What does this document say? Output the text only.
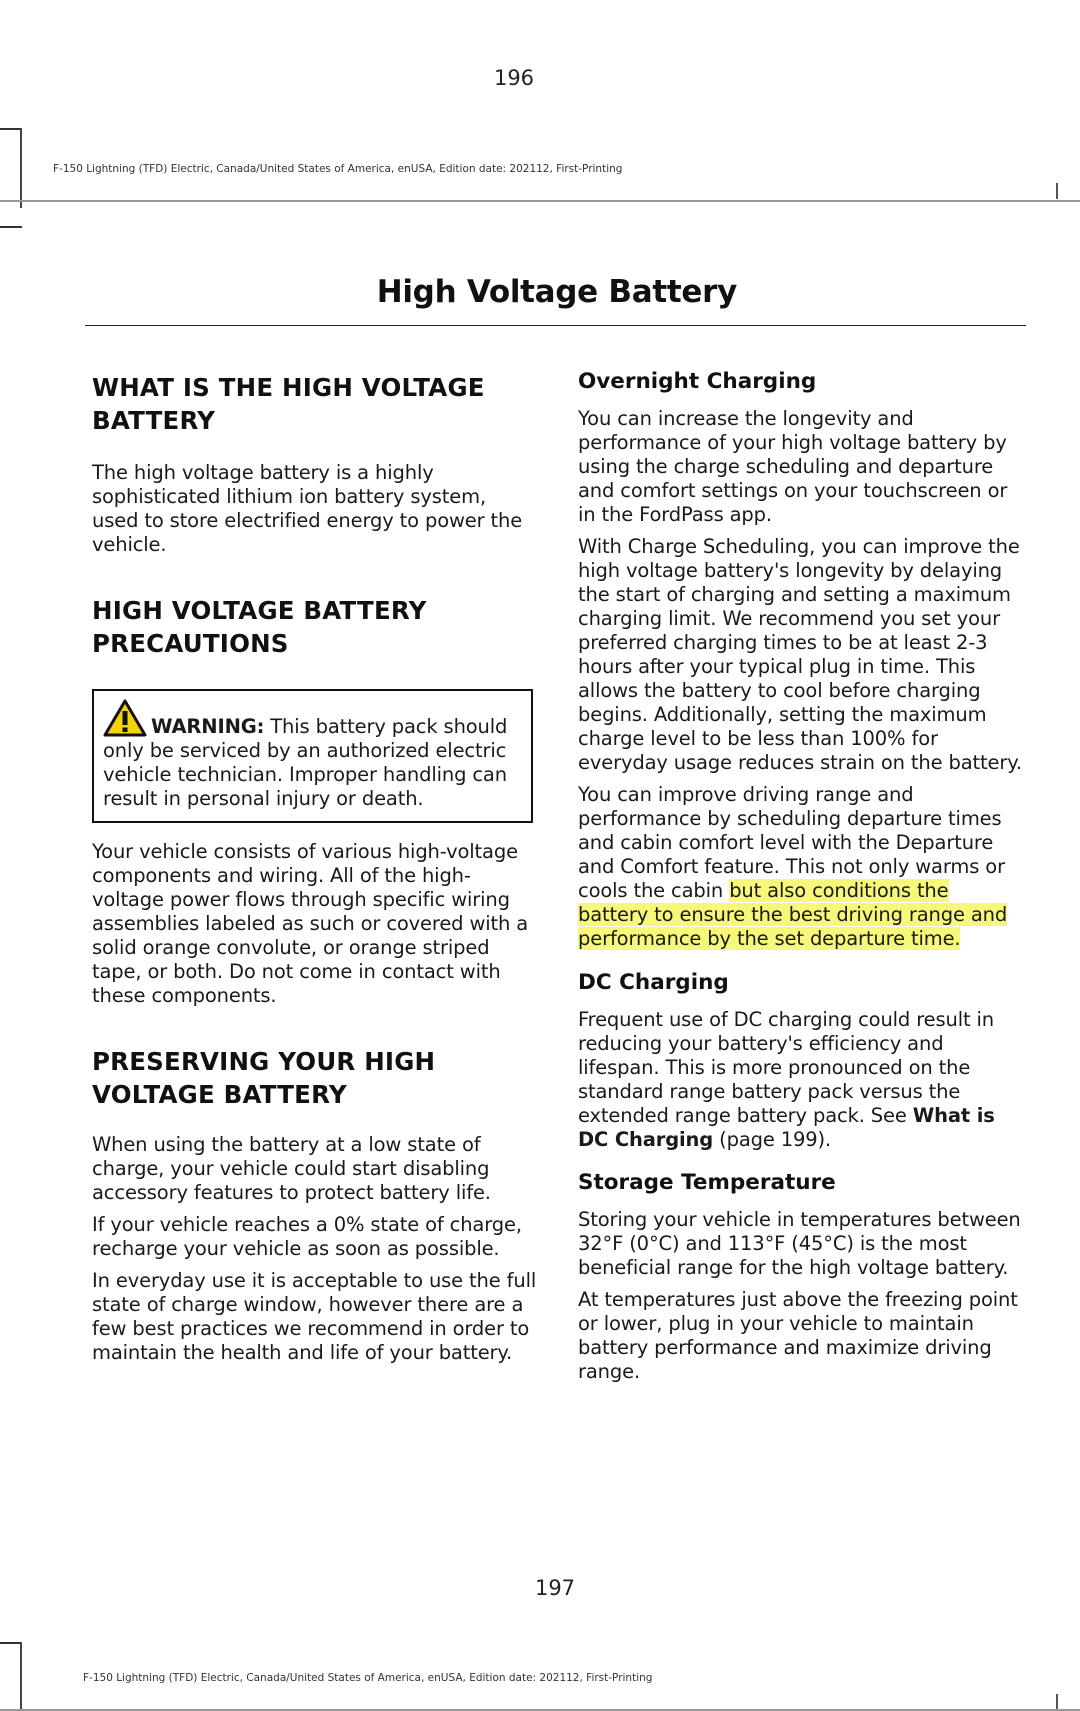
196
F-150 Lightning (TFD) Electric, Canada/United States of America, enUSA, Edition date: 202112, First-Printing
High Voltage Battery
WHAT IS THE HIGH VOLTAGE
BATTERY

The high voltage battery is a highly sophisticated lithium ion battery system, used to store electrified energy to power the vehicle.

HIGH VOLTAGE BATTERY
PRECAUTIONS

WARNING: This battery pack should only be serviced by an authorized electric vehicle technician. Improper handling can result in personal injury or death.

Your vehicle consists of various high-voltage components and wiring. All of the high-voltage power flows through specific wiring assemblies labeled as such or covered with a solid orange convolute, or orange striped tape, or both. Do not come in contact with these components.

PRESERVING YOUR HIGH
VOLTAGE BATTERY

When using the battery at a low state of charge, your vehicle could start disabling accessory features to protect battery life.

If your vehicle reaches a 0% state of charge, recharge your vehicle as soon as possible.

In everyday use it is acceptable to use the full state of charge window, however there are a few best practices we recommend in order to maintain the health and life of your battery.

Overnight Charging

You can increase the longevity and performance of your high voltage battery by using the charge scheduling and departure and comfort settings on your touchscreen or in the FordPass app.

With Charge Scheduling, you can improve the high voltage battery's longevity by delaying the start of charging and setting a maximum charging limit. We recommend you set your preferred charging times to be at least 2-3 hours after your typical plug in time. This allows the battery to cool before charging begins. Additionally, setting the maximum charge level to be less than 100% for everyday usage reduces strain on the battery.

You can improve driving range and performance by scheduling departure times and cabin comfort level with the Departure and Comfort feature. This not only warms or cools the cabin but also conditions the battery to ensure the best driving range and performance by the set departure time.

DC Charging

Frequent use of DC charging could result in reducing your battery's efficiency and lifespan. This is more pronounced on the standard range battery pack versus the extended range battery pack. See What is DC Charging (page 199).

Storage Temperature

Storing your vehicle in temperatures between 32°F (0°C) and 113°F (45°C) is the most beneficial range for the high voltage battery.

At temperatures just above the freezing point or lower, plug in your vehicle to maintain battery performance and maximize driving range.

197
F-150 Lightning (TFD) Electric, Canada/United States of America, enUSA, Edition date: 202112, First-Printing
